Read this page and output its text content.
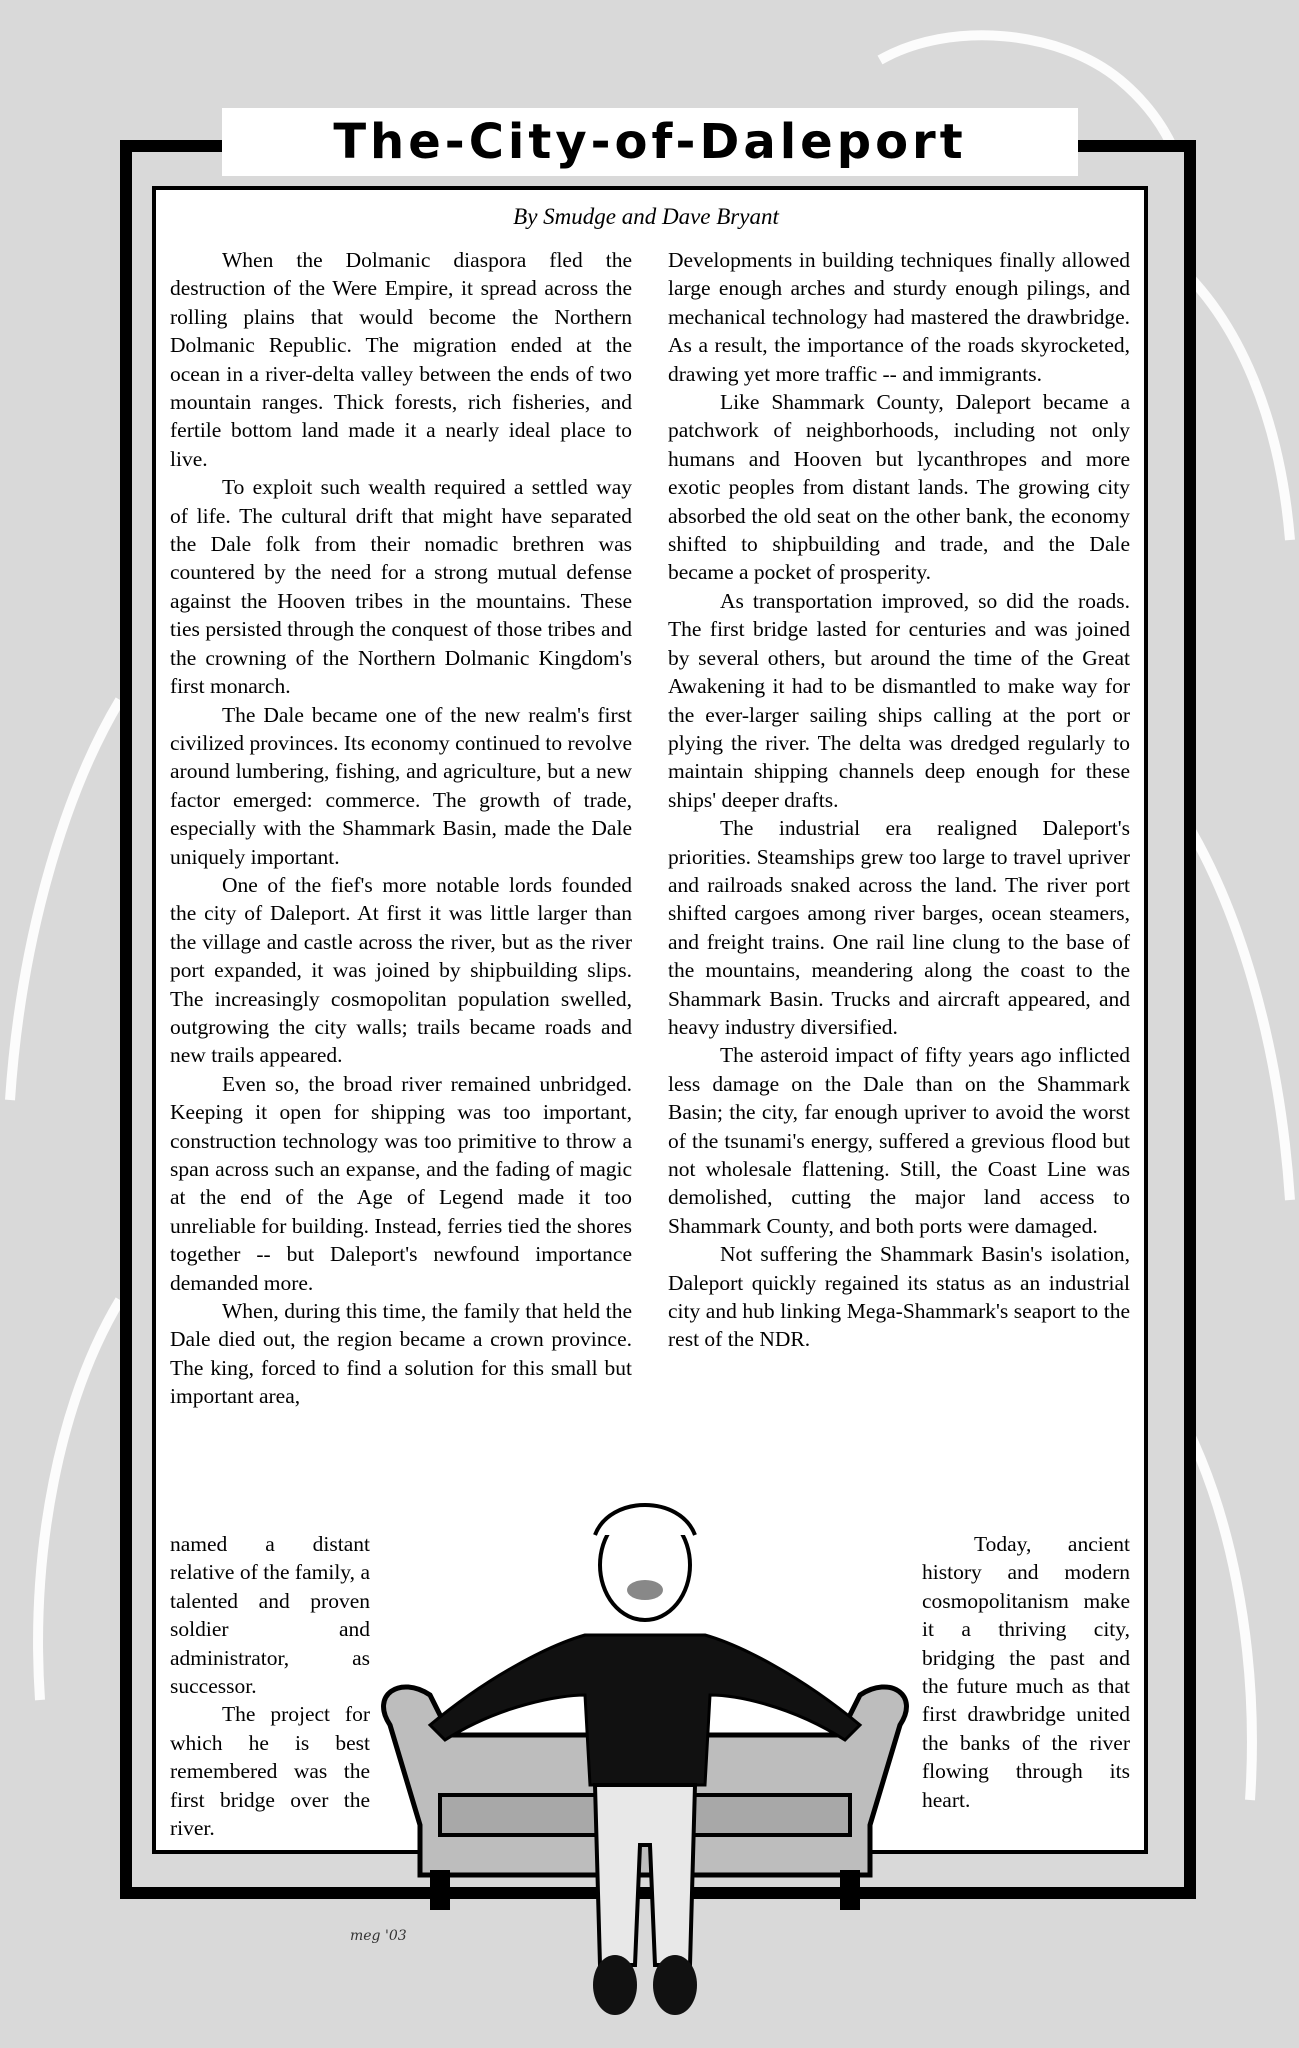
The-City-of-Daleport
By Smudge and Dave Bryant

When the Dolmanic diaspora fled the destruction of the Were Empire, it spread across the rolling plains that would become the Northern Dolmanic Republic. The migration ended at the ocean in a river-delta valley between the ends of two mountain ranges. Thick forests, rich fisheries, and fertile bottom land made it a nearly ideal place to live.

To exploit such wealth required a settled way of life. The cultural drift that might have separated the Dale folk from their nomadic brethren was countered by the need for a strong mutual defense against the Hooven tribes in the mountains. These ties persisted through the conquest of those tribes and the crowning of the Northern Dolmanic Kingdom's first monarch.

The Dale became one of the new realm's first civilized provinces. Its economy continued to revolve around lumbering, fishing, and agriculture, but a new factor emerged: commerce. The growth of trade, especially with the Shammark Basin, made the Dale uniquely important.

One of the fief's more notable lords founded the city of Daleport. At first it was little larger than the village and castle across the river, but as the river port expanded, it was joined by shipbuilding slips. The increasingly cosmopolitan population swelled, outgrowing the city walls; trails became roads and new trails appeared.

Even so, the broad river remained unbridged. Keeping it open for shipping was too important, construction technology was too primitive to throw a span across such an expanse, and the fading of magic at the end of the Age of Legend made it too unreliable for building. Instead, ferries tied the shores together -- but Daleport's newfound importance demanded more.

When, during this time, the family that held the Dale died out, the region became a crown province. The king, forced to find a solution for this small but important area,

named a distant relative of the family, a talented and proven soldier and administrator, as successor.

The project for which he is best remembered was the first bridge over the river.

Developments in building techniques finally allowed large enough arches and sturdy enough pilings, and mechanical technology had mastered the drawbridge. As a result, the importance of the roads skyrocketed, drawing yet more traffic -- and immigrants.

Like Shammark County, Daleport became a patchwork of neighborhoods, including not only humans and Hooven but lycanthropes and more exotic peoples from distant lands. The growing city absorbed the old seat on the other bank, the economy shifted to shipbuilding and trade, and the Dale became a pocket of prosperity.

As transportation improved, so did the roads. The first bridge lasted for centuries and was joined by several others, but around the time of the Great Awakening it had to be dismantled to make way for the ever-larger sailing ships calling at the port or plying the river. The delta was dredged regularly to maintain shipping channels deep enough for these ships' deeper drafts.

The industrial era realigned Daleport's priorities. Steamships grew too large to travel upriver and railroads snaked across the land. The river port shifted cargoes among river barges, ocean steamers, and freight trains. One rail line clung to the base of the mountains, meandering along the coast to the Shammark Basin. Trucks and aircraft appeared, and heavy industry diversified.

The asteroid impact of fifty years ago inflicted less damage on the Dale than on the Shammark Basin; the city, far enough upriver to avoid the worst of the tsunami's energy, suffered a grevious flood but not wholesale flattening. Still, the Coast Line was demolished, cutting the major land access to Shammark County, and both ports were damaged.

Not suffering the Shammark Basin's isolation, Daleport quickly regained its status as an industrial city and hub linking Mega-Shammark's seaport to the rest of the NDR.

Today, ancient history and modern cosmopolitanism make it a thriving city, bridging the past and the future much as that first drawbridge united the banks of the river flowing through its heart.

meg '03
